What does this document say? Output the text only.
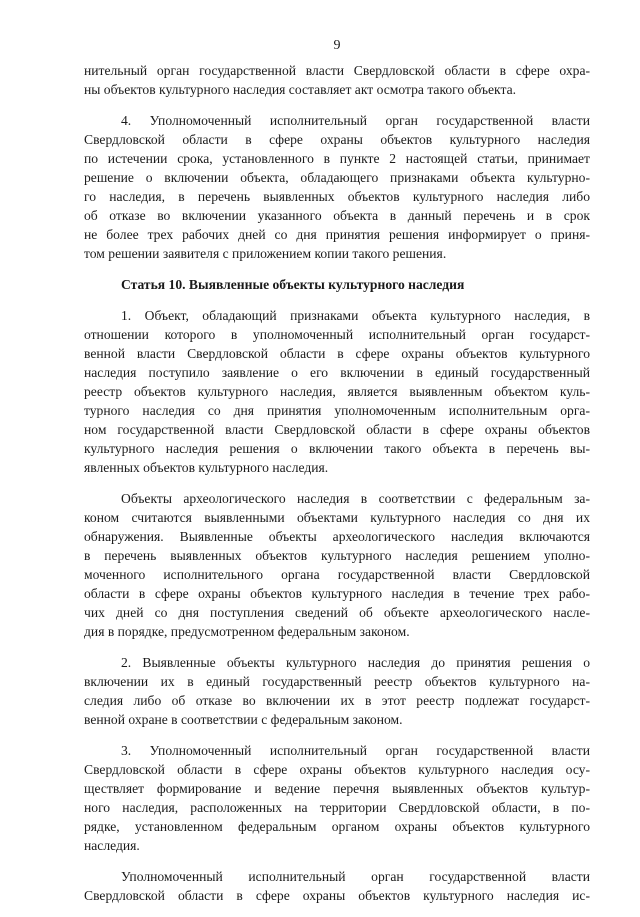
9
нительный орган государственной власти Свердловской области в сфере охра-
ны объектов культурного наследия составляет акт осмотра такого объекта.
4. Уполномоченный исполнительный орган государственной власти
Свердловской области в сфере охраны объектов культурного наследия
по истечении срока, установленного в пункте 2 настоящей статьи, принимает
решение о включении объекта, обладающего признаками объекта культурно-
го наследия, в перечень выявленных объектов культурного наследия либо
об отказе во включении указанного объекта в данный перечень и в срок
не более трех рабочих дней со дня принятия решения информирует о приня-
том решении заявителя с приложением копии такого решения.
Статья 10. Выявленные объекты культурного наследия
1. Объект, обладающий признаками объекта культурного наследия, в
отношении которого в уполномоченный исполнительный орган государст-
венной власти Свердловской области в сфере охраны объектов культурного
наследия поступило заявление о его включении в единый государственный
реестр объектов культурного наследия, является выявленным объектом куль-
турного наследия со дня принятия уполномоченным исполнительным орга-
ном государственной власти Свердловской области в сфере охраны объектов
культурного наследия решения о включении такого объекта в перечень вы-
явленных объектов культурного наследия.
Объекты археологического наследия в соответствии с федеральным за-
коном считаются выявленными объектами культурного наследия со дня их
обнаружения. Выявленные объекты археологического наследия включаются
в перечень выявленных объектов культурного наследия решением уполно-
моченного исполнительного органа государственной власти Свердловской
области в сфере охраны объектов культурного наследия в течение трех рабо-
чих дней со дня поступления сведений об объекте археологического насле-
дия в порядке, предусмотренном федеральным законом.
2. Выявленные объекты культурного наследия до принятия решения о
включении их в единый государственный реестр объектов культурного на-
следия либо об отказе во включении их в этот реестр подлежат государст-
венной охране в соответствии с федеральным законом.
3. Уполномоченный исполнительный орган государственной власти
Свердловской области в сфере охраны объектов культурного наследия осу-
ществляет формирование и ведение перечня выявленных объектов культур-
ного наследия, расположенных на территории Свердловской области, в по-
рядке, установленном федеральным органом охраны объектов культурного
наследия.
Уполномоченный исполнительный орган государственной власти
Свердловской области в сфере охраны объектов культурного наследия ис-
